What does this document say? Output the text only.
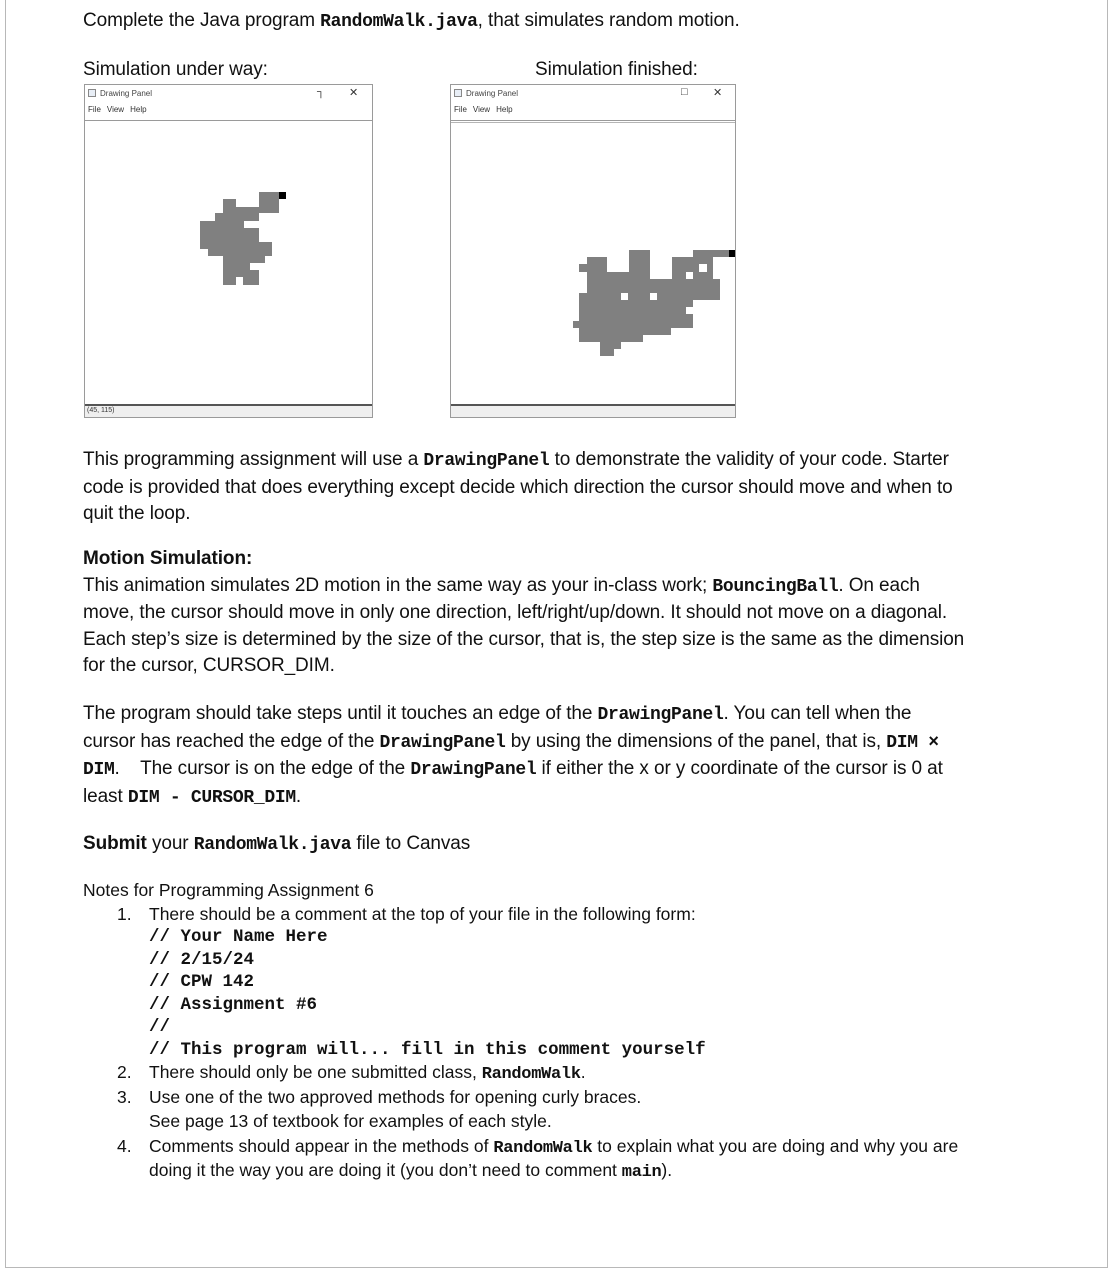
Complete the Java program RandomWalk.java, that simulates random motion.
Simulation under way:	Simulation finished:
Drawing Panel	┐ ✕
File View Help
(45, 115)
Drawing Panel	□ ✕
File View Help
This programming assignment will use a DrawingPanel to demonstrate the validity of your code. Starter
code is provided that does everything except decide which direction the cursor should move and when to
quit the loop.
Motion Simulation:
This animation simulates 2D motion in the same way as your in-class work; BouncingBall. On each
move, the cursor should move in only one direction, left/right/up/down. It should not move on a diagonal.
Each step’s size is determined by the size of the cursor, that is, the step size is the same as the dimension
for the cursor, CURSOR_DIM.
The program should take steps until it touches an edge of the DrawingPanel. You can tell when the
cursor has reached the edge of the DrawingPanel by using the dimensions of the panel, that is, DIM ×
DIM.    The cursor is on the edge of the DrawingPanel if either the x or y coordinate of the cursor is 0 at
least DIM - CURSOR_DIM.
Submit your RandomWalk.java file to Canvas
Notes for Programming Assignment 6
1. There should be a comment at the top of your file in the following form:
// Your Name Here
// 2/15/24
// CPW 142
// Assignment #6
//
// This program will... fill in this comment yourself
2. There should only be one submitted class, RandomWalk.
3. Use one of the two approved methods for opening curly braces.
See page 13 of textbook for examples of each style.
4. Comments should appear in the methods of RandomWalk to explain what you are doing and why you are
doing it the way you are doing it (you don’t need to comment main).
